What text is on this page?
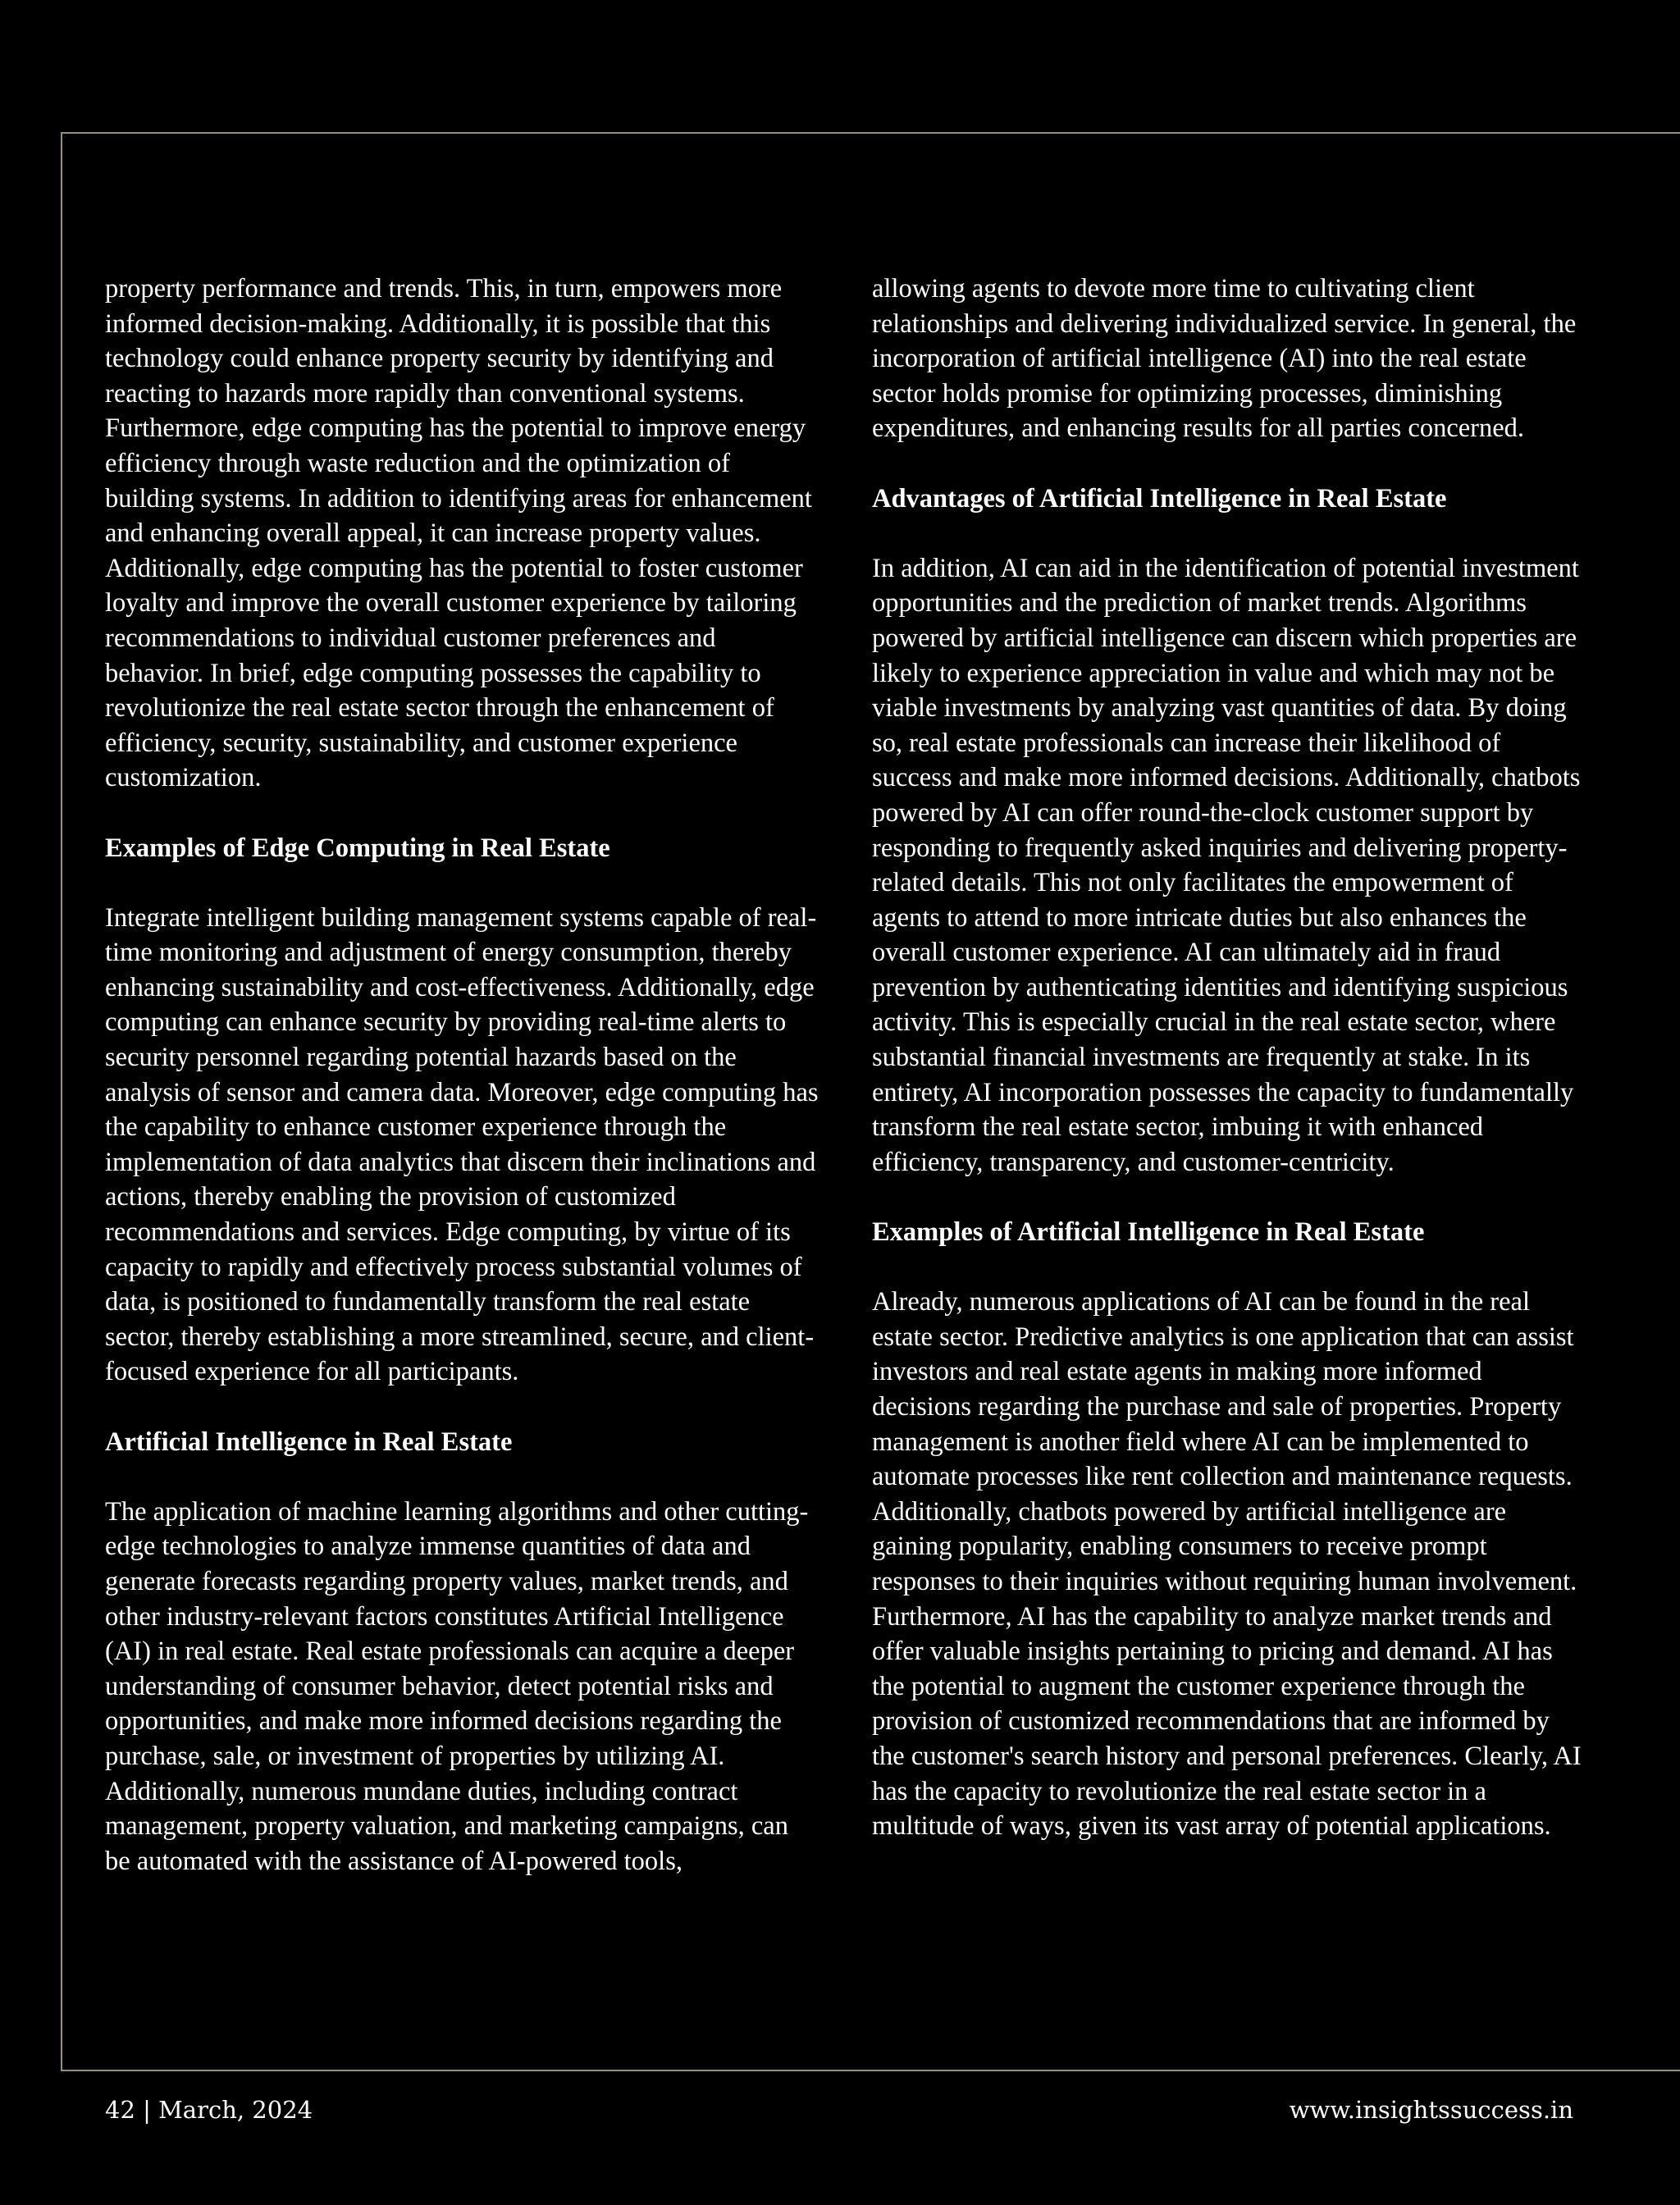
property performance and trends. This, in turn, empowers more informed decision-making. Additionally, it is possible that this technology could enhance property security by identifying and reacting to hazards more rapidly than conventional systems. Furthermore, edge computing has the potential to improve energy efficiency through waste reduction and the optimization of building systems. In addition to identifying areas for enhancement and enhancing overall appeal, it can increase property values. Additionally, edge computing has the potential to foster customer loyalty and improve the overall customer experience by tailoring recommendations to individual customer preferences and behavior. In brief, edge computing possesses the capability to revolutionize the real estate sector through the enhancement of efficiency, security, sustainability, and customer experience customization.

Examples of Edge Computing in Real Estate

Integrate intelligent building management systems capable of real-time monitoring and adjustment of energy consumption, thereby enhancing sustainability and cost-effectiveness. Additionally, edge computing can enhance security by providing real-time alerts to security personnel regarding potential hazards based on the analysis of sensor and camera data. Moreover, edge computing has the capability to enhance customer experience through the implementation of data analytics that discern their inclinations and actions, thereby enabling the provision of customized recommendations and services. Edge computing, by virtue of its capacity to rapidly and effectively process substantial volumes of data, is positioned to fundamentally transform the real estate sector, thereby establishing a more streamlined, secure, and client-focused experience for all participants.

Artificial Intelligence in Real Estate

The application of machine learning algorithms and other cutting-edge technologies to analyze immense quantities of data and generate forecasts regarding property values, market trends, and other industry-relevant factors constitutes Artificial Intelligence (AI) in real estate. Real estate professionals can acquire a deeper understanding of consumer behavior, detect potential risks and opportunities, and make more informed decisions regarding the purchase, sale, or investment of properties by utilizing AI. Additionally, numerous mundane duties, including contract management, property valuation, and marketing campaigns, can be automated with the assistance of AI-powered tools,

allowing agents to devote more time to cultivating client relationships and delivering individualized service. In general, the incorporation of artificial intelligence (AI) into the real estate sector holds promise for optimizing processes, diminishing expenditures, and enhancing results for all parties concerned.

Advantages of Artificial Intelligence in Real Estate

In addition, AI can aid in the identification of potential investment opportunities and the prediction of market trends. Algorithms powered by artificial intelligence can discern which properties are likely to experience appreciation in value and which may not be viable investments by analyzing vast quantities of data. By doing so, real estate professionals can increase their likelihood of success and make more informed decisions. Additionally, chatbots powered by AI can offer round-the-clock customer support by responding to frequently asked inquiries and delivering property-related details. This not only facilitates the empowerment of agents to attend to more intricate duties but also enhances the overall customer experience. AI can ultimately aid in fraud prevention by authenticating identities and identifying suspicious activity. This is especially crucial in the real estate sector, where substantial financial investments are frequently at stake. In its entirety, AI incorporation possesses the capacity to fundamentally transform the real estate sector, imbuing it with enhanced efficiency, transparency, and customer-centricity.

Examples of Artificial Intelligence in Real Estate

Already, numerous applications of AI can be found in the real estate sector. Predictive analytics is one application that can assist investors and real estate agents in making more informed decisions regarding the purchase and sale of properties. Property management is another field where AI can be implemented to automate processes like rent collection and maintenance requests. Additionally, chatbots powered by artificial intelligence are gaining popularity, enabling consumers to receive prompt responses to their inquiries without requiring human involvement. Furthermore, AI has the capability to analyze market trends and offer valuable insights pertaining to pricing and demand. AI has the potential to augment the customer experience through the provision of customized recommendations that are informed by the customer's search history and personal preferences. Clearly, AI has the capacity to revolutionize the real estate sector in a multitude of ways, given its vast array of potential applications.

42 | March, 2024	www.insightssuccess.in
